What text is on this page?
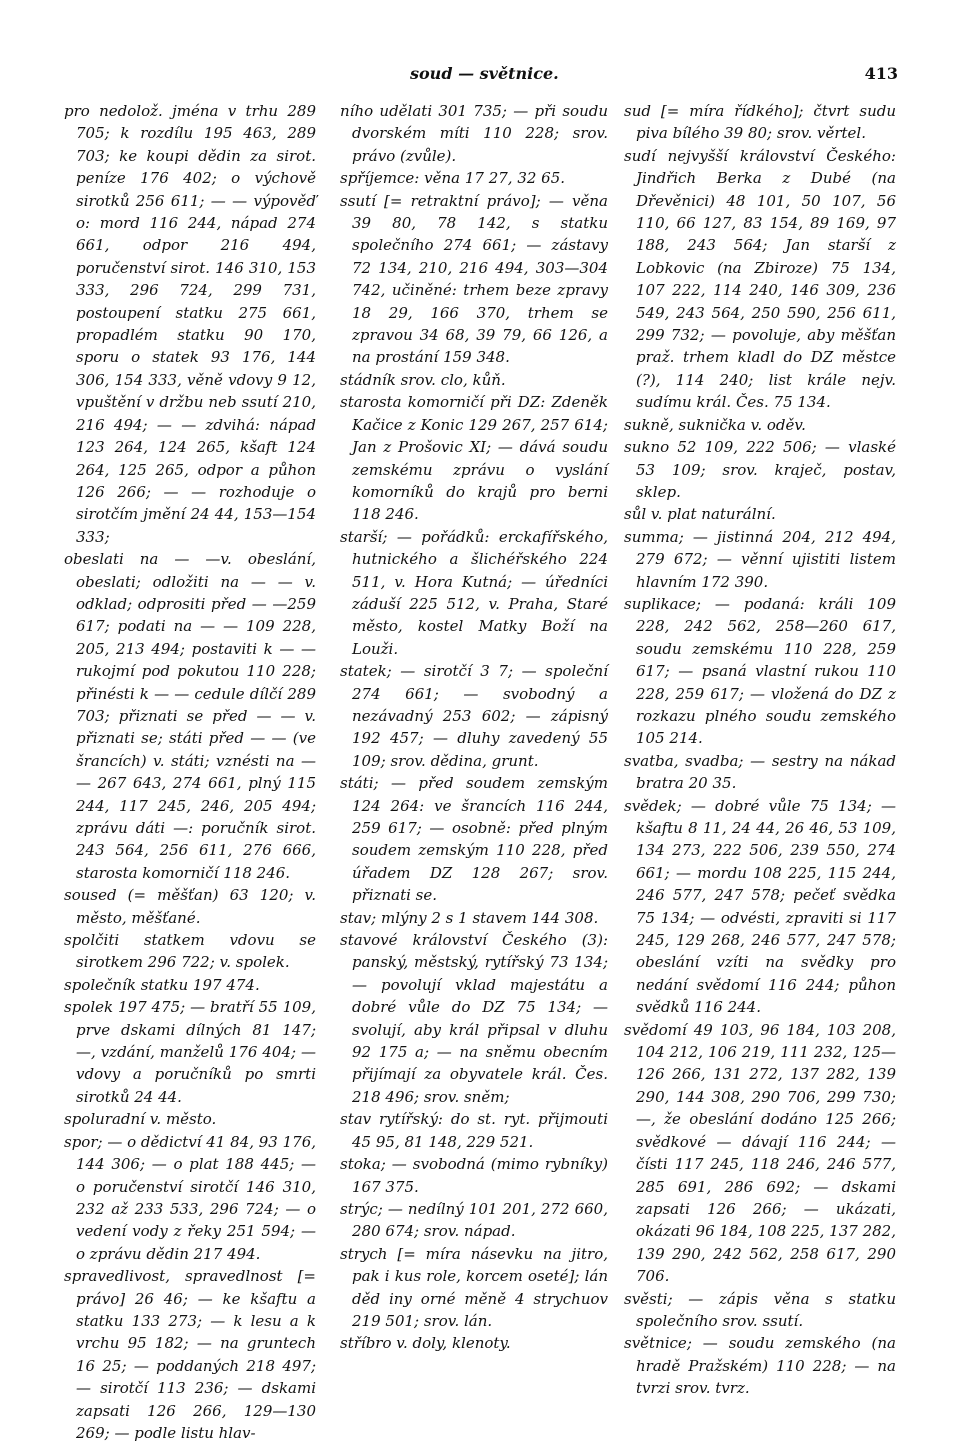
soud — světnice.	413

pro nedolož. jména v trhu 289 705; k rozdílu 195 463, 289 703; ke koupi dědin za sirot. peníze 176 402; o výchově sirotků 256 611; — — výpověď o: mord 116 244, nápad 274 661, odpor 216 494, poručenství sirot. 146 310, 153 333, 296 724, 299 731, postoupení statku 275 661, propadlém statku 90 170, sporu o statek 93 176, 144 306, 154 333, věně vdovy 9 12, vpuštění v držbu neb ssutí 210, 216 494; — — zdvihá: nápad 123 264, 124 265, kšaft 124 264, 125 265, odpor a půhon 126 266; — — rozhoduje o sirotčím jmění 24 44, 153—154 333;

obeslati na — —v. obeslání, obeslati; odložiti na — — v. odklad; odprositi před — —259 617; podati na — — 109 228, 205, 213 494; postaviti k — — rukojmí pod pokutou 110 228; přinésti k — — cedule dílčí 289 703; přiznati se před — — v. přiznati se; státi před — — (ve šrancích) v. státi; vznésti na — — 267 643, 274 661, plný 115 244, 117 245, 246, 205 494; zprávu dáti —: poručník sirot. 243 564, 256 611, 276 666, starosta komorničí 118 246.

soused (= měšťan) 63 120; v. město, měšťané.

spolčiti statkem vdovu se sirotkem 296 722; v. spolek.

společník statku 197 474.

spolek 197 475; — bratří 55 109, prve dskami dílných 81 147; —, vzdání, manželů 176 404; — vdovy a poručníků po smrti sirotků 24 44.

spoluradní v. město.

spor; — o dědictví 41 84, 93 176, 144 306; — o plat 188 445; — o poručenství sirotčí 146 310, 232 až 233 533, 296 724; — o vedení vody z řeky 251 594; — o zprávu dědin 217 494.

spravedlivost, spravedlnost [= právo] 26 46; — ke kšaftu a statku 133 273; — k lesu a k vrchu 95 182; — na gruntech 16 25; — poddaných 218 497; — sirotčí 113 236; — dskami zapsati 126 266, 129—130 269; — podle listu hlav-

ního udělati 301 735; — při soudu dvorském míti 110 228; srov. právo (zvůle).

spříjemce: věna 17 27, 32 65.

ssutí [= retraktní právo]; — věna 39 80, 78 142, s statku společního 274 661; — zástavy 72 134, 210, 216 494, 303—304 742, učiněné: trhem beze zpravy 18 29, 166 370, trhem se zpravou 34 68, 39 79, 66 126, a na prostání 159 348.

stádník srov. clo, kůň.

starosta komorničí při DZ: Zdeněk Kačice z Konic 129 267, 257 614; Jan z Prošovic XI; — dává soudu zemskému zprávu o vyslání komorníků do krajů pro berni 118 246.

starší; — pořádků: erckafířského, hutnického a šlichéřského 224 511, v. Hora Kutná; — úředníci záduší 225 512, v. Praha, Staré město, kostel Matky Boží na Louži.

statek; — sirotčí 3 7; — společní 274 661; — svobodný a nezávadný 253 602; — zápisný 192 457; — dluhy zavedený 55 109; srov. dědina, grunt.

státi; — před soudem zemským 124 264: ve šrancích 116 244, 259 617; — osobně: před plným soudem zemským 110 228, před úřadem DZ 128 267; srov. přiznati se.

stav; mlýny 2 s 1 stavem 144 308.

stavové království Českého (3): panský, městský, rytířský 73 134; — povolují vklad majestátu a dobré vůle do DZ 75 134; — svolují, aby král připsal v dluhu 92 175 a; — na sněmu obecním přijímají za obyvatele král. Čes. 218 496; srov. sněm;

stav rytířský: do st. ryt. přijmouti 45 95, 81 148, 229 521.

stoka; — svobodná (mimo rybníky) 167 375.

strýc; — nedílný 101 201, 272 660, 280 674; srov. nápad.

strych [= míra násevku na jitro, pak i kus role, korcem oseté]; lán děd iny orné měně 4 strychuov 219 501; srov. lán.

stříbro v. doly, klenoty.

sud [= míra řídkého]; čtvrt sudu piva bílého 39 80; srov. věrtel.

sudí nejvyšší království Českého: Jindřich Berka z Dubé (na Dřevěnici) 48 101, 50 107, 56 110, 66 127, 83 154, 89 169, 97 188, 243 564; Jan starší z Lobkovic (na Zbiroze) 75 134, 107 222, 114 240, 146 309, 236 549, 243 564, 250 590, 256 611, 299 732; — povoluje, aby měšťan praž. trhem kladl do DZ městce (?), 114 240; list krále nejv. sudímu král. Čes. 75 134.

sukně, suknička v. oděv.

sukno 52 109, 222 506; — vlaské 53 109; srov. kraječ, postav, sklep.

sůl v. plat naturální.

summa; — jistinná 204, 212 494, 279 672; — věnní ujistiti listem hlavním 172 390.

suplikace; — podaná: králi 109 228, 242 562, 258—260 617, soudu zemskému 110 228, 259 617; — psaná vlastní rukou 110 228, 259 617; — vložená do DZ z rozkazu plného soudu zemského 105 214.

svatba, svadba; — sestry na nákad bratra 20 35.

svědek; — dobré vůle 75 134; — kšaftu 8 11, 24 44, 26 46, 53 109, 134 273, 222 506, 239 550, 274 661; — mordu 108 225, 115 244, 246 577, 247 578; pečeť svědka 75 134; — odvésti, zpraviti si 117 245, 129 268, 246 577, 247 578; obeslání vzíti na svědky pro nedání svědomí 116 244; půhon svědků 116 244.

svědomí 49 103, 96 184, 103 208, 104 212, 106 219, 111 232, 125—126 266, 131 272, 137 282, 139 290, 144 308, 290 706, 299 730; —, že obeslání dodáno 125 266; svědkové — dávají 116 244; — čísti 117 245, 118 246, 246 577, 285 691, 286 692; — dskami zapsati 126 266; — ukázati, okázati 96 184, 108 225, 137 282, 139 290, 242 562, 258 617, 290 706.

svěsti; — zápis věna s statku společního srov. ssutí.

světnice; — soudu zemského (na hradě Pražském) 110 228; — na tvrzi srov. tvrz.
